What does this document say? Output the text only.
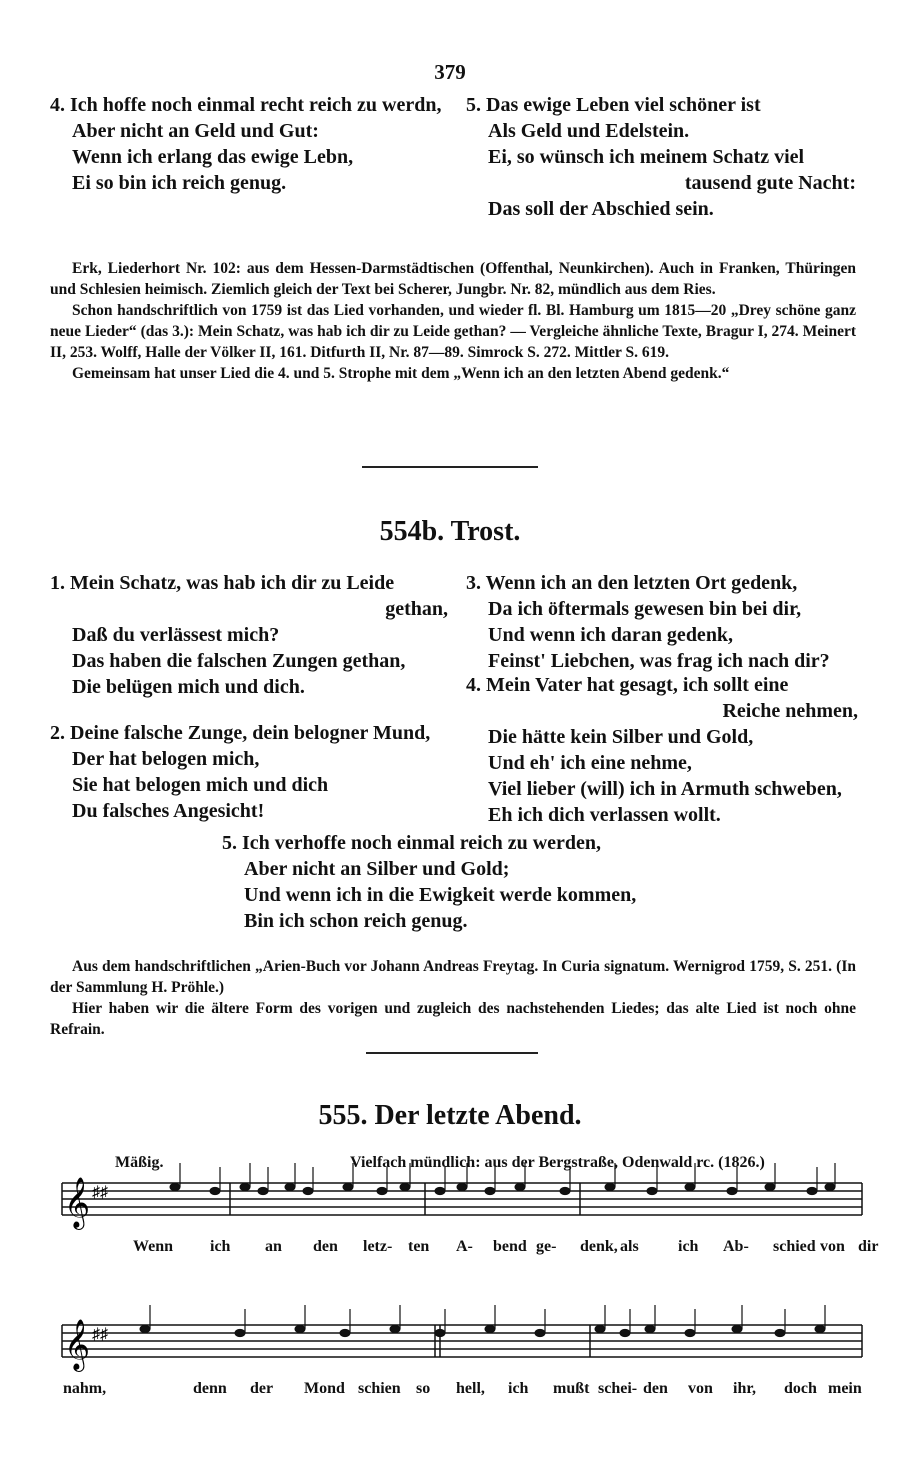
379
4. Ich hoffe noch einmal recht reich zu werdn,
Aber nicht an Geld und Gut:
Wenn ich erlang das ewige Lebn,
Ei so bin ich reich genug.
5. Das ewige Leben viel schöner ist
Als Geld und Edelstein.
Ei, so wünsch ich meinem Schatz viel
tausend gute Nacht:
Das soll der Abschied sein.

Erk, Liederhort Nr. 102: aus dem Hessen-Darmstädtischen (Offenthal, Neunkirchen). Auch in Franken, Thüringen und Schlesien heimisch. Ziemlich gleich der Text bei Scherer, Jungbr. Nr. 82, mündlich aus dem Ries.

Schon handschriftlich von 1759 ist das Lied vorhanden, und wieder fl. Bl. Hamburg um 1815—20 „Drey schöne ganz neue Lieder“ (das 3.): Mein Schatz, was hab ich dir zu Leide gethan? — Vergleiche ähnliche Texte, Bragur I, 274. Meinert II, 253. Wolff, Halle der Völker II, 161. Ditfurth II, Nr. 87—89. Simrock S. 272. Mittler S. 619.

Gemeinsam hat unser Lied die 4. und 5. Strophe mit dem „Wenn ich an den letzten Abend gedenk.“

554b. Trost.
1. Mein Schatz, was hab ich dir zu Leide
gethan,
Daß du verlässest mich?
Das haben die falschen Zungen gethan,
Die belügen mich und dich.
2. Deine falsche Zunge, dein belogner Mund,
Der hat belogen mich,
Sie hat belogen mich und dich
Du falsches Angesicht!
3. Wenn ich an den letzten Ort gedenk,
Da ich öftermals gewesen bin bei dir,
Und wenn ich daran gedenk,
Feinst' Liebchen, was frag ich nach dir?
4. Mein Vater hat gesagt, ich sollt eine
Reiche nehmen,
Die hätte kein Silber und Gold,
Und eh' ich eine nehme,
Viel lieber (will) ich in Armuth schweben,
Eh ich dich verlassen wollt.
5. Ich verhoffe noch einmal reich zu werden,
Aber nicht an Silber und Gold;
Und wenn ich in die Ewigkeit werde kommen,
Bin ich schon reich genug.

Aus dem handschriftlichen „Arien-Buch vor Johann Andreas Freytag. In Curia signatum. Wernigrod 1759, S. 251. (In der Sammlung H. Pröhle.)

Hier haben wir die ältere Form des vorigen und zugleich des nachstehenden Liedes; das alte Lied ist noch ohne Refrain.

555. Der letzte Abend.
Mäßig.	Vielfach mündlich: aus der Bergstraße, Odenwald rc. (1826.)
𝄞 ♯♯
𝄞 ♯♯
Wenn ich an den letz- ten A- bend ge- denk, als ich Ab- schied von dir
nahm,	denn der Mond schien so hell, ich mußt schei- den von ihr, doch mein
